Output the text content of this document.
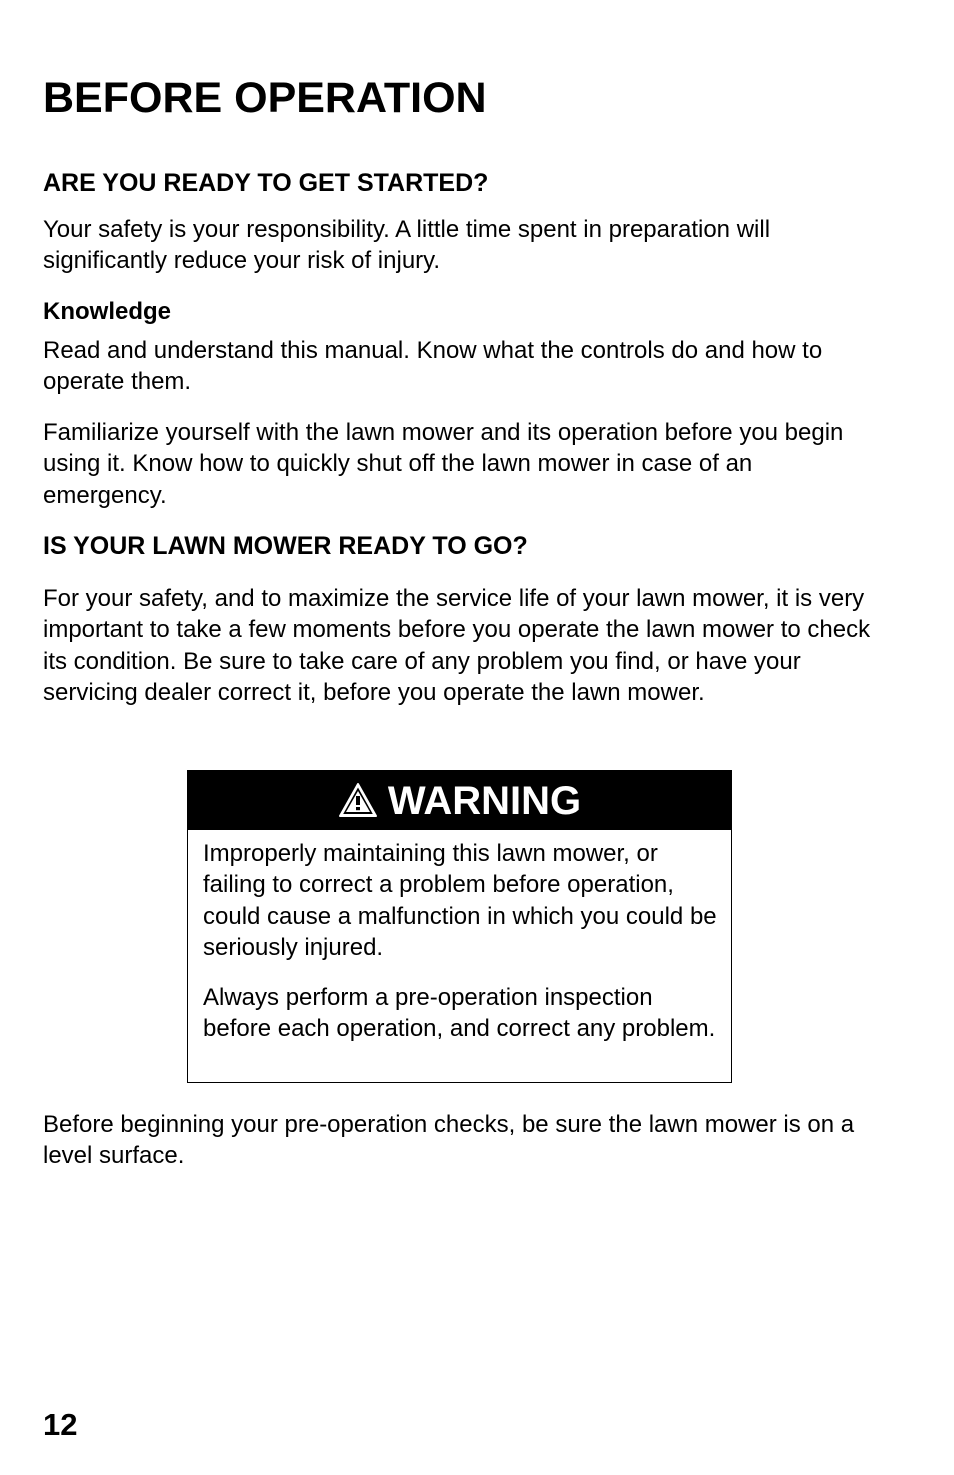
BEFORE OPERATION
ARE YOU READY TO GET STARTED?

Your safety is your responsibility. A little time spent in preparation will significantly reduce your risk of injury.

Knowledge

Read and understand this manual. Know what the controls do and how to operate them.

Familiarize yourself with the lawn mower and its operation before you begin using it. Know how to quickly shut off the lawn mower in case of an emergency.

IS YOUR LAWN MOWER READY TO GO?

For your safety, and to maximize the service life of your lawn mower, it is very important to take a few moments before you operate the lawn mower to check its condition. Be sure to take care of any problem you find, or have your servicing dealer correct it, before you operate the lawn mower.

WARNING

Improperly maintaining this lawn mower, or failing to correct a problem before operation, could cause a malfunction in which you could be seriously injured.

Always perform a pre-operation inspection before each operation, and correct any problem.

Before beginning your pre-operation checks, be sure the lawn mower is on a level surface.

12
